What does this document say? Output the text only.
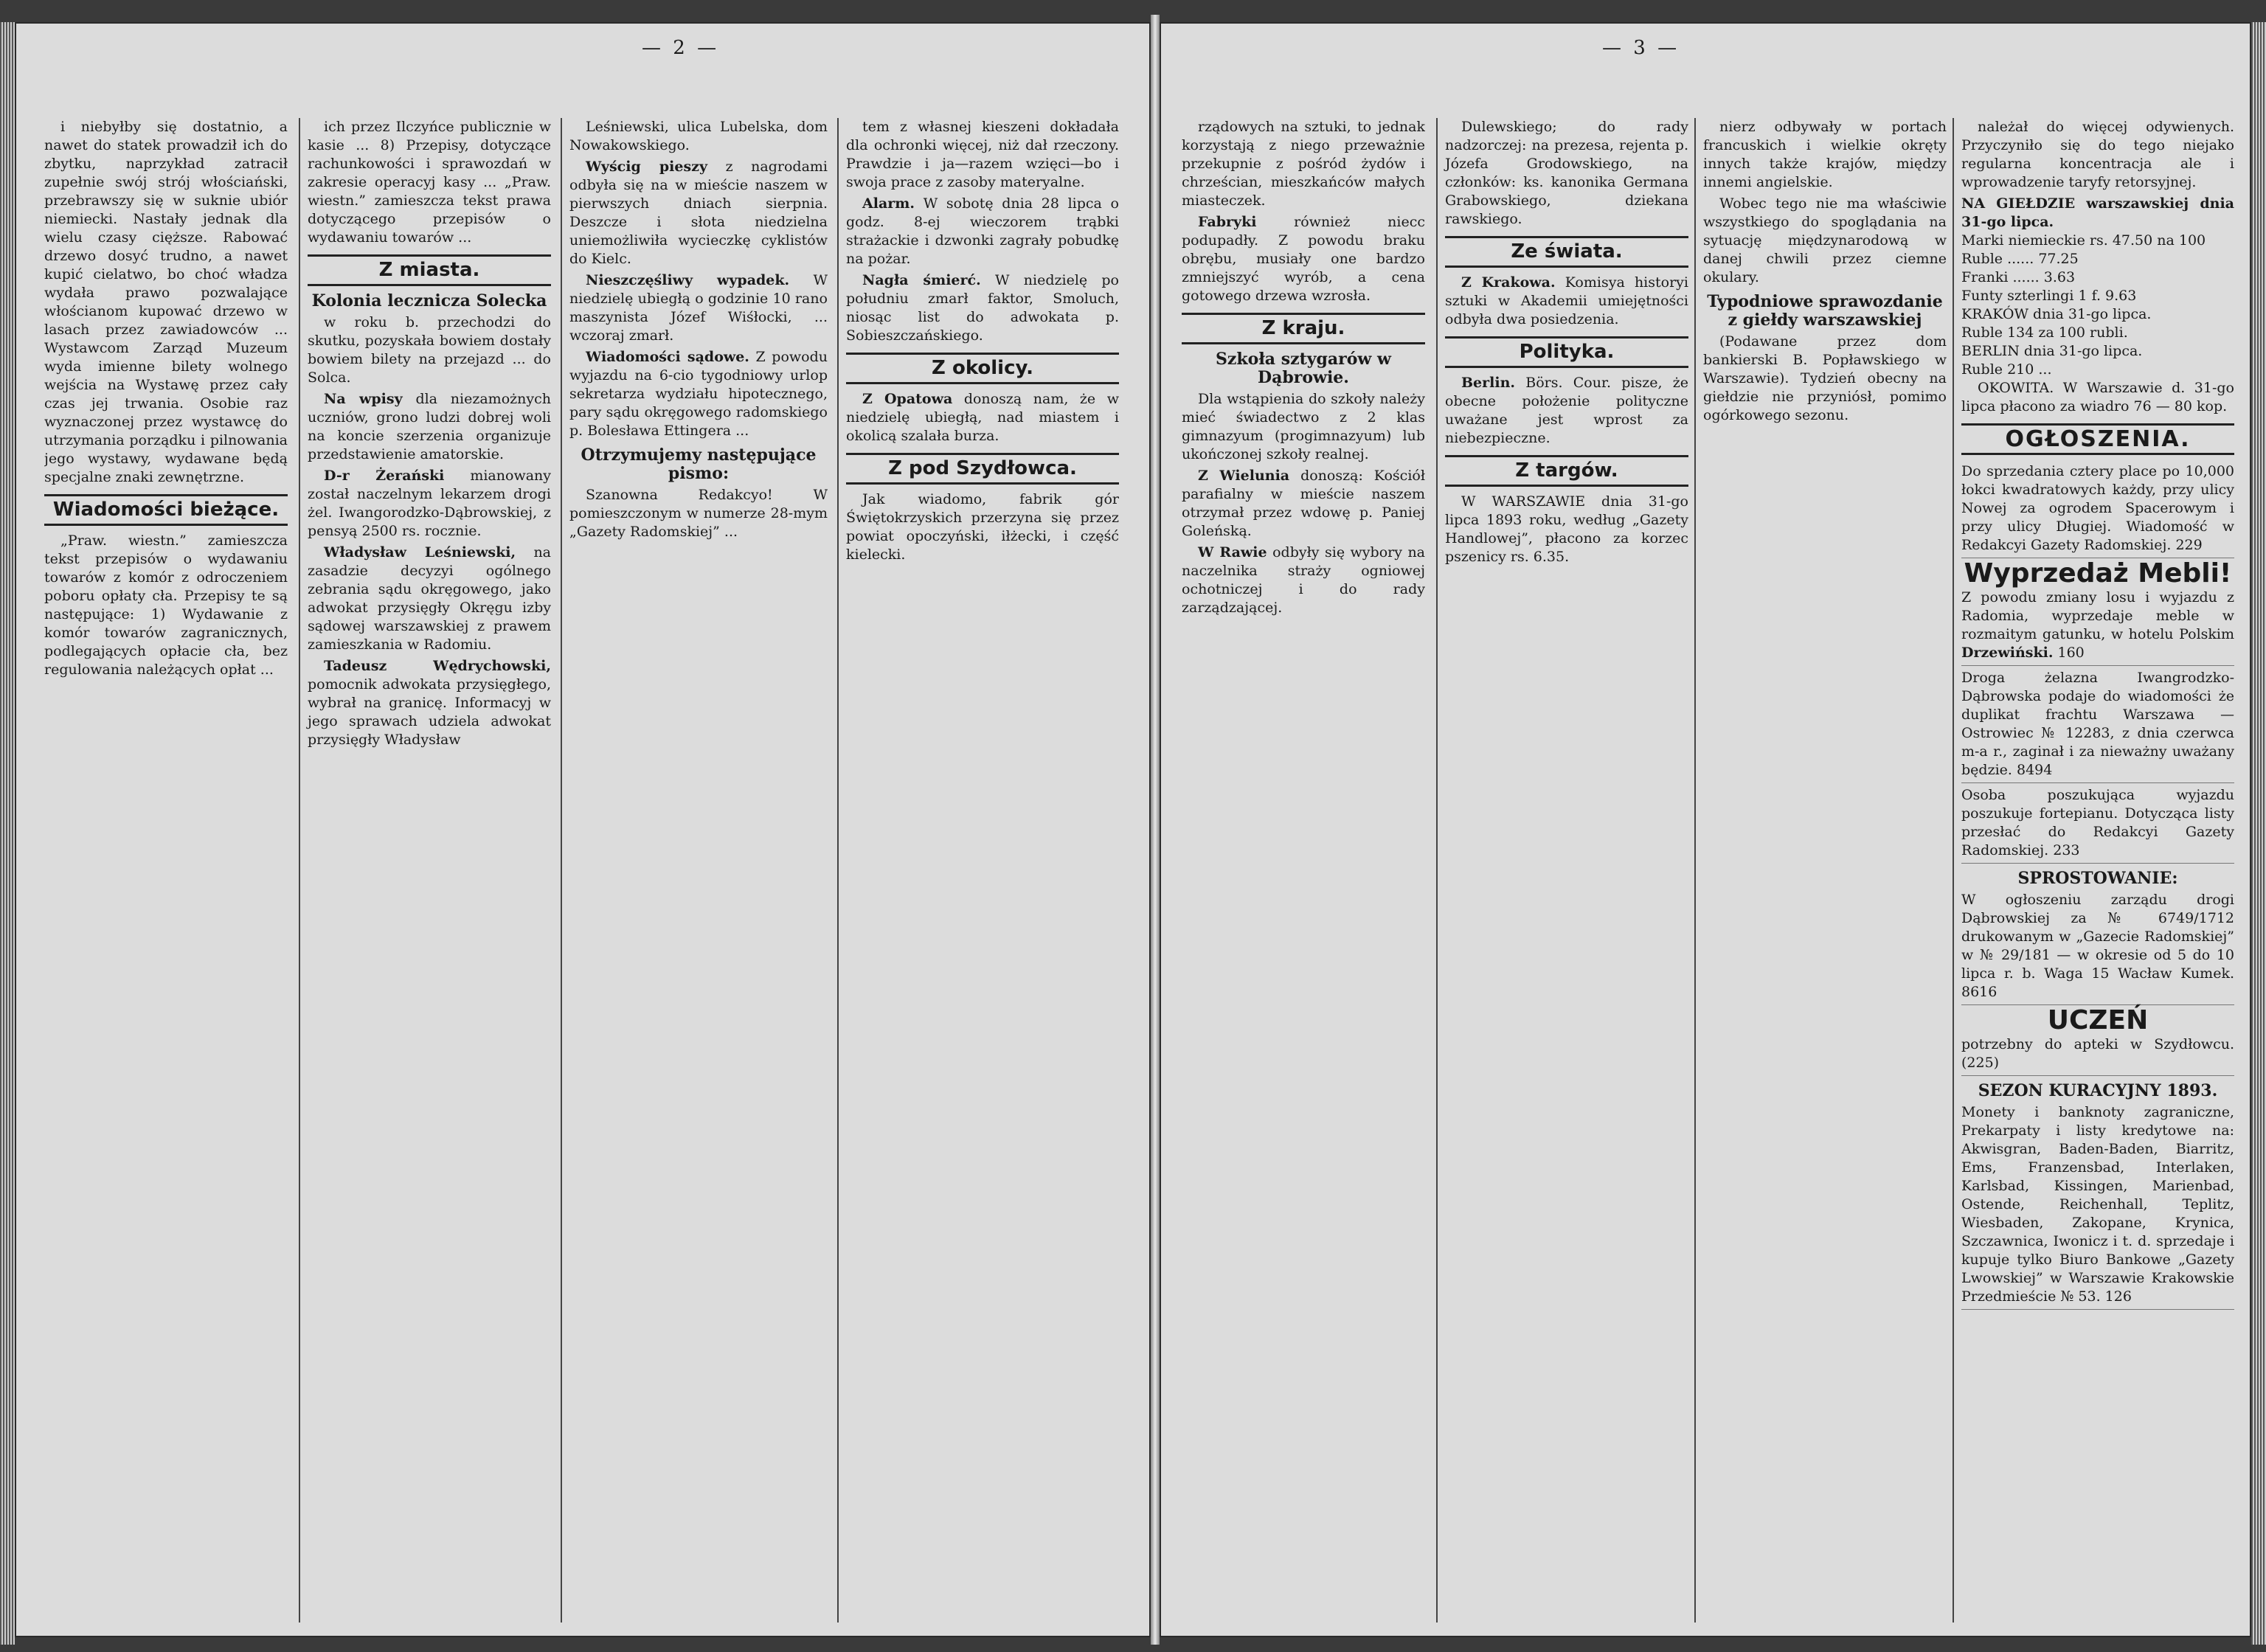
— 2 —

i niebyłby się dostatnio, a nawet do statek prowadził ich do zbytku, naprzykład zatracił zupełnie swój strój włościański, przebrawszy się w suknie ubiór niemiecki. Nastały jednak dla wielu czasy cięższe. Rabować drzewo dosyć trudno, a nawet kupić cielatwo, bo choć władza wydała prawo pozwalające włościanom kupować drzewo w lasach przez zawiadowców ... Wystawcom Zarząd Muzeum wyda imienne bilety wolnego wejścia na Wystawę przez cały czas jej trwania. Osobie raz wyznaczonej przez wystawcę do utrzymania porządku i pilnowania jego wystawy, wydawane będą specjalne znaki zewnętrzne.

Wiadomości bieżące.

„Praw. wiestn.” zamieszcza tekst przepisów o wydawaniu towarów z komór z odroczeniem poboru opłaty cła. Przepisy te są następujące: 1) Wydawanie z komór towarów zagranicznych, podlegających opłacie cła, bez regulowania należących opłat ...

ich przez Ilczyńce publicznie w kasie ... 8) Przepisy, dotyczące rachunkowości i sprawozdań w zakresie operacyj kasy ... „Praw. wiestn.” zamieszcza tekst prawa dotyczącego przepisów o wydawaniu towarów ...

Z miasta.
Kolonia lecznicza Solecka

w roku b. przechodzi do skutku, pozyskała bowiem dostały bowiem bilety na przejazd ... do Solca.

Na wpisy dla niezamożnych uczniów, grono ludzi dobrej woli na koncie szerzenia organizuje przedstawienie amatorskie.

D-r Żerański mianowany został naczelnym lekarzem drogi żel. Iwangorodzko-Dąbrowskiej, z pensyą 2500 rs. rocznie.

Władysław Leśniewski, na zasadzie decyzyi ogólnego zebrania sądu okręgowego, jako adwokat przysięgły Okręgu izby sądowej warszawskiej z prawem zamieszkania w Radomiu.

Tadeusz Wędrychowski, pomocnik adwokata przysięgłego, wybrał na granicę. Informacyj w jego sprawach udziela adwokat przysięgły Władysław

Leśniewski, ulica Lubelska, dom Nowakowskiego.

Wyścig pieszy z nagrodami odbyła się na w mieście naszem w pierwszych dniach sierpnia. Deszcze i słota niedzielna uniemożliwiła wycieczkę cyklistów do Kielc.

Nieszczęśliwy wypadek. W niedzielę ubiegłą o godzinie 10 rano maszynista Józef Wiśłocki, ... wczoraj zmarł.

Wiadomości sądowe. Z powodu wyjazdu na 6-cio tygodniowy urlop sekretarza wydziału hipotecznego, pary sądu okręgowego radomskiego p. Bolesława Ettingera ...

Otrzymujemy następujące pismo:

Szanowna Redakcyo! W pomieszczonym w numerze 28-mym „Gazety Radomskiej” ...

tem z własnej kieszeni dokładała dla ochronki więcej, niż dał rzeczony. Prawdzie i ja—razem wzięci—bo i swoja prace z zasoby materyalne.

Alarm. W sobotę dnia 28 lipca o godz. 8-ej wieczorem trąbki strażackie i dzwonki zagrały pobudkę na pożar.

Nagła śmierć. W niedzielę po południu zmarł faktor, Smoluch, niosąc list do adwokata p. Sobieszczańskiego.

Z okolicy.

Z Opatowa donoszą nam, że w niedzielę ubiegłą, nad miastem i okolicą szalała burza.

Z pod Szydłowca.

Jak wiadomo, fabrik gór Świętokrzyskich przerzyna się przez powiat opoczyński, iłżecki, i część kielecki.

— 3 —

rządowych na sztuki, to jednak korzystają z niego przeważnie przekupnie z pośród żydów i chrześcian, mieszkańców małych miasteczek.

Fabryki	również niecc podupadły. Z powodu braku obrębu, musiały one bardzo zmniejszyć wyrób, a cena gotowego drzewa wzrosła.

Z kraju.
Szkoła sztygarów w Dąbrowie.

Dla wstąpienia do szkoły należy mieć świadectwo z 2 klas gimnazyum (progimnazyum) lub ukończonej szkoły realnej.

Z Wielunia donoszą: Kościół parafialny w mieście naszem otrzymał przez wdowę p. Paniej Goleńską.

W Rawie odbyły się wybory na naczelnika straży ogniowej ochotniczej i do rady zarządzającej.

Dulewskiego; do rady nadzorczej: na prezesa, rejenta p. Józefa Grodowskiego, na członków: ks. kanonika Germana Grabowskiego, dziekana rawskiego.

Ze świata.

Z Krakowa. Komisya historyi sztuki w Akademii umiejętności odbyła dwa posiedzenia.

Polityka.

Berlin. Börs. Cour. pisze, że obecne położenie polityczne uważane jest wprost za niebezpieczne.

Z targów.

W WARSZAWIE dnia 31-go lipca 1893 roku, według „Gazety Handlowej”, płacono za korzec pszenicy rs. 6.35.

nierz odbywały w portach francuskich i wielkie okręty innych także krajów, między innemi angielskie.

Wobec tego nie ma właściwie wszystkiego do spoglądania na sytuację międzynarodową w danej chwili przez ciemne okulary.

Typodniowe sprawozdanie z giełdy warszawskiej

(Podawane przez dom bankierski B. Popławskiego w Warszawie). Tydzień obecny na giełdzie nie przyniósł, pomimo ogórkowego sezonu.

należał do więcej odywienych. Przyczyniło się do tego niejako regularna koncentracja ale i wprowadzenie taryfy retorsyjnej.

NA GIEŁDZIE warszawskiej dnia 31-go lipca.
Marki niemieckie rs. 47.50 na 100
Ruble ...... 77.25
Franki ...... 3.63
Funty szterlingi 1 f. 9.63
KRAKÓW dnia 31-go lipca.
Ruble 134 za 100 rubli.
BERLIN dnia 31-go lipca.
Ruble 210 ...

OKOWITA. W Warszawie d. 31-go lipca płacono za wiadro 76 — 80 kop.

OGŁOSZENIA.
Do sprzedania cztery place po 10,000 łokci kwadratowych każdy, przy ulicy Nowej za ogrodem Spacerowym i przy ulicy Długiej. Wiadomość w Redakcyi Gazety Radomskiej. 229
Wyprzedaż Mebli!
Z powodu zmiany losu i wyjazdu z Radomia, wyprzedaje meble w rozmaitym gatunku, w hotelu Polskim Drzewiński. 160
Droga żelazna Iwangrodzko-Dąbrowska podaje do wiadomości że duplikat frachtu Warszawa — Ostrowiec № 12283, z dnia czerwca m-a r., zaginał i za nieważny uważany będzie. 8494
Osoba poszukująca wyjazdu poszukuje fortepianu. Dotycząca listy przesłać do Redakcyi Gazety Radomskiej. 233
SPROSTOWANIE:
W ogłoszeniu zarządu drogi Dąbrowskiej za № 6749/1712 drukowanym w „Gazecie Radomskiej” w № 29/181 — w okresie od 5 do 10 lipca r. b. Waga 15 Wacław Kumek. 8616
UCZEŃ
potrzebny do apteki w Szydłowcu. (225)
SEZON KURACYJNY 1893.
Monety i banknoty zagraniczne, Prekarpaty i listy kredytowe na: Akwisgran, Baden-Baden, Biarritz, Ems, Franzensbad, Interlaken, Karlsbad, Kissingen, Marienbad, Ostende, Reichenhall, Teplitz, Wiesbaden, Zakopane, Krynica, Szczawnica, Iwonicz i t. d. sprzedaje i kupuje tylko Biuro Bankowe „Gazety Lwowskiej” w Warszawie Krakowskie Przedmieście № 53. 126
